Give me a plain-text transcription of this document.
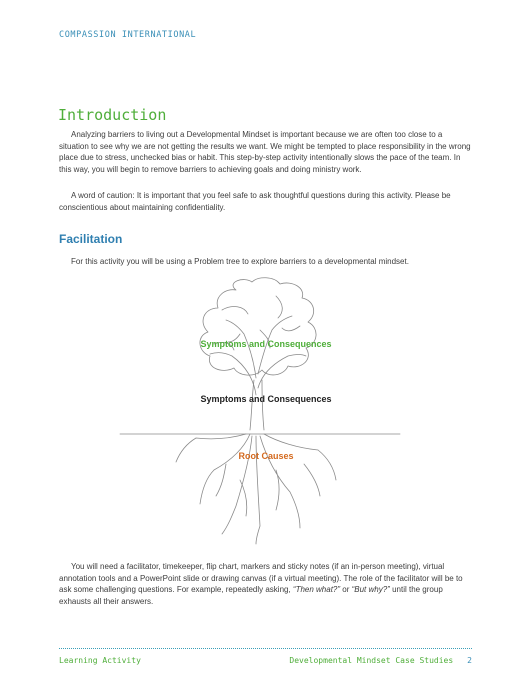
COMPASSION INTERNATIONAL
Introduction

Analyzing barriers to living out a Developmental Mindset is important because we are often too close to a situation to see why we are not getting the results we want. We might be tempted to place responsibility in the wrong place due to stress, unchecked bias or habit. This step-by-step activity intentionally slows the pace of the team. In this way, you will begin to remove barriers to achieving goals and doing ministry work.

A word of caution: It is important that you feel safe to ask thoughtful questions during this activity. Please be conscientious about maintaining confidentiality.

Facilitation

For this activity you will be using a Problem tree to explore barriers to a developmental mindset.

Symptoms and Consequences
Symptoms and Consequences
Root Causes

You will need a facilitator, timekeeper, flip chart, markers and sticky notes (if an in-person meeting), virtual annotation tools and a PowerPoint slide or drawing canvas (if a virtual meeting). The role of the facilitator will be to ask some challenging questions. For example, repeatedly asking, “Then what?” or “But why?” until the group exhausts all their answers.

Learning Activity	Developmental Mindset Case Studies 2
